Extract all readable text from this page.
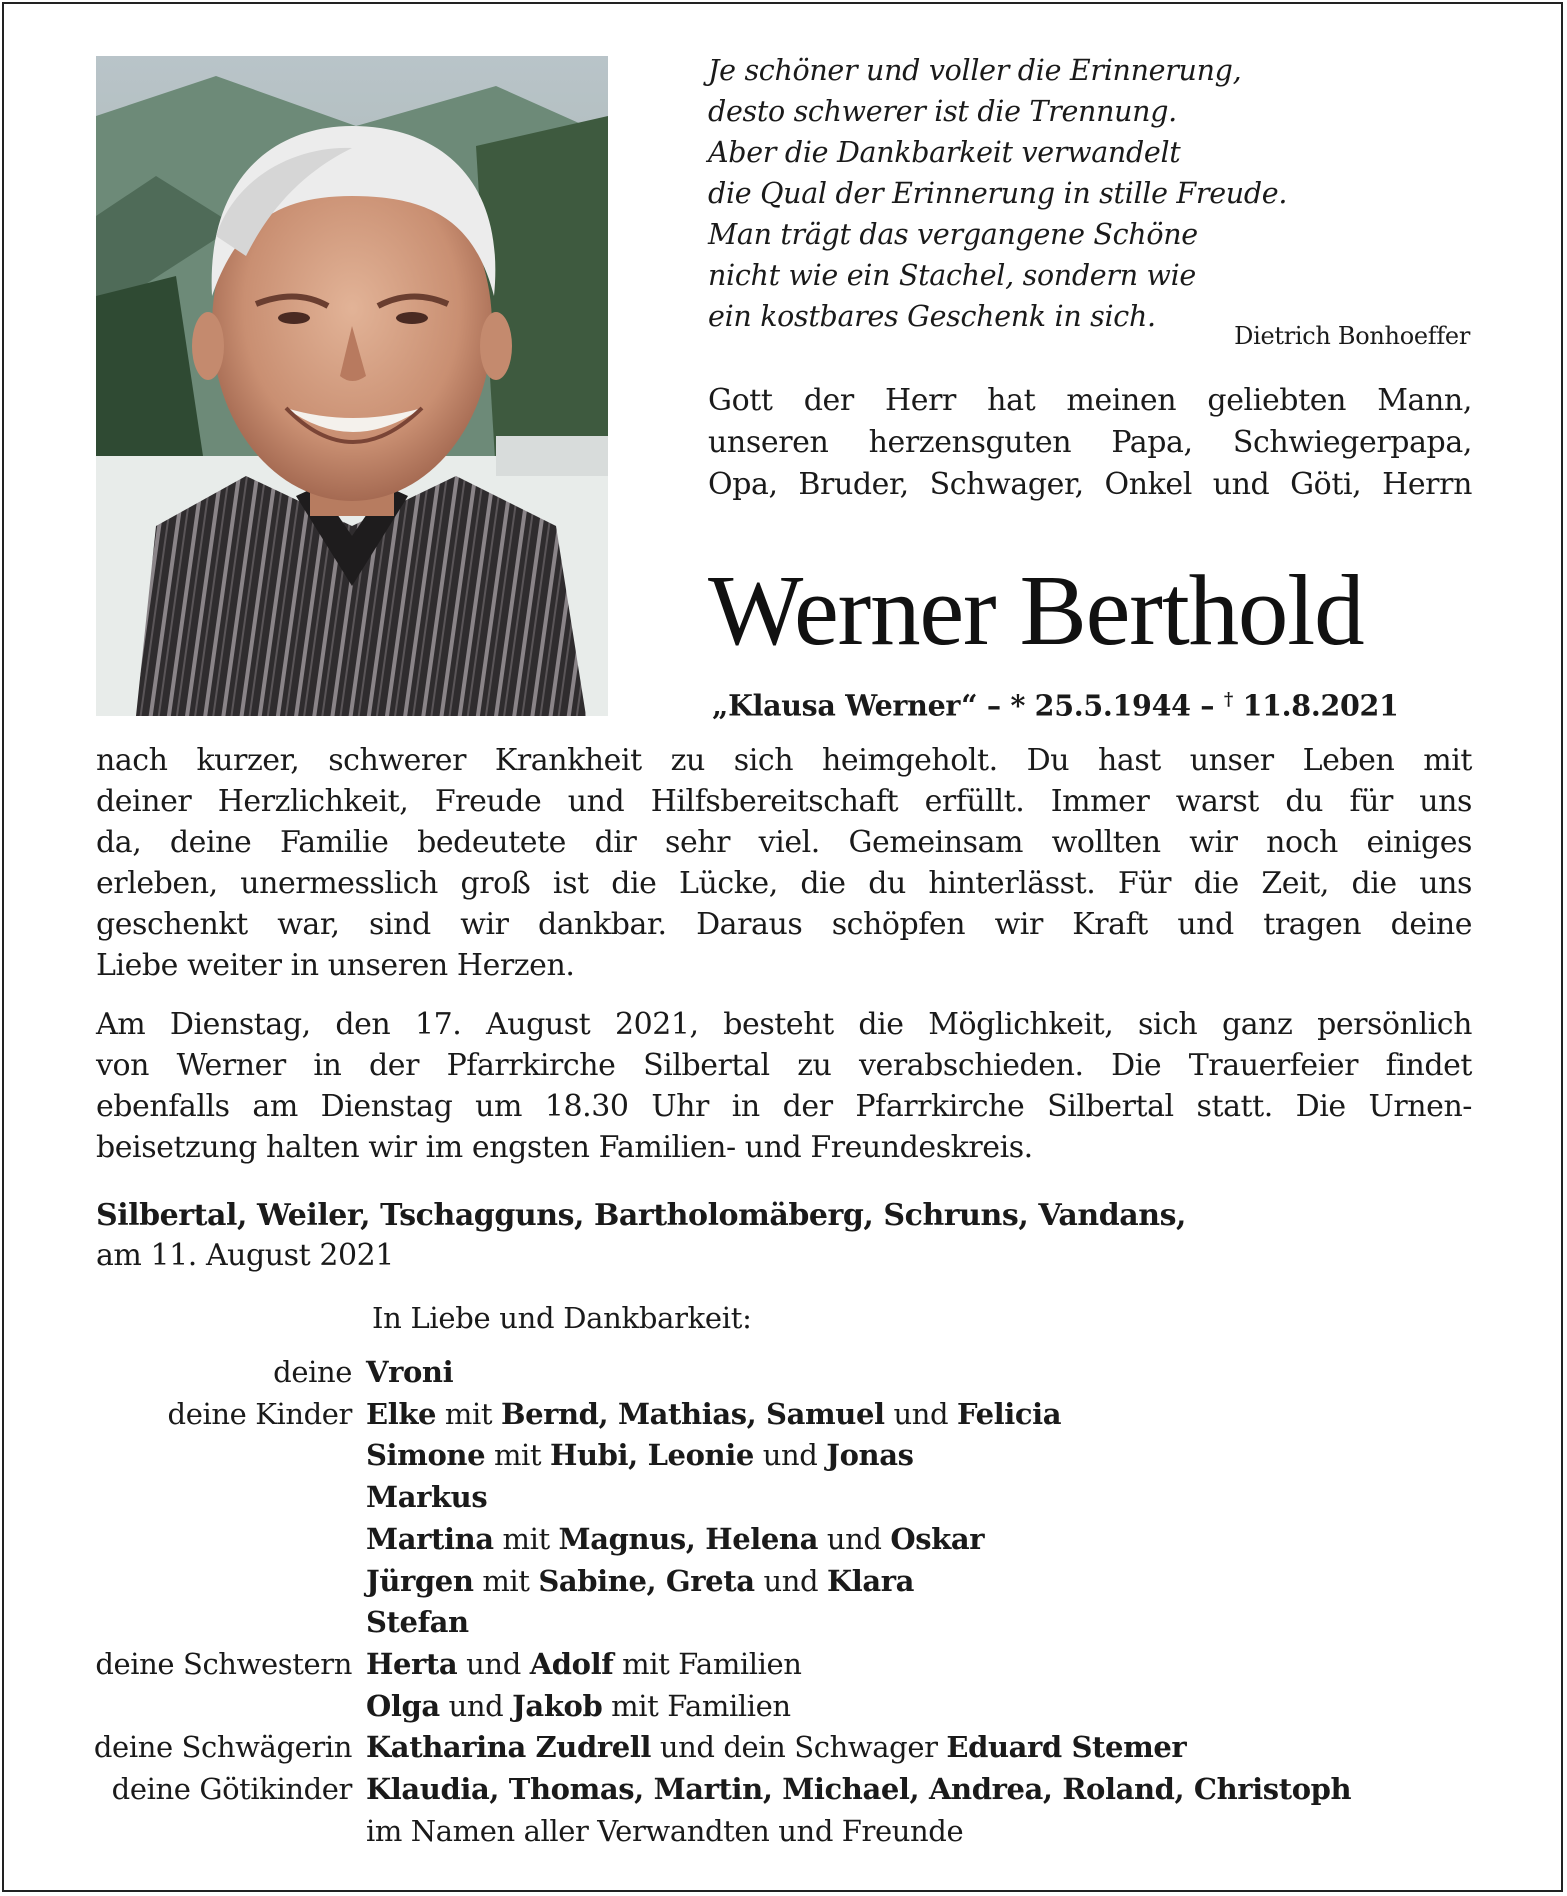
Je schöner und voller die Erinnerung,
desto schwerer ist die Trennung.
Aber die Dankbarkeit verwandelt
die Qual der Erinnerung in stille Freude.
Man trägt das vergangene Schöne
nicht wie ein Stachel, sondern wie
ein kostbares Geschenk in sich.
Dietrich Bonhoeffer
Gott der Herr hat meinen geliebten Mann,
unseren herzensguten Papa, Schwiegerpapa,
Opa, Bruder, Schwager, Onkel und Göti, Herrn
Werner Berthold
„Klausa Werner“ – * 25.5.1944 – † 11.8.2021
nach kurzer, schwerer Krankheit zu sich heimgeholt. Du hast unser Leben mit
deiner Herzlichkeit, Freude und Hilfsbereitschaft erfüllt. Immer warst du für uns
da, deine Familie bedeutete dir sehr viel. Gemeinsam wollten wir noch einiges
erleben, unermesslich groß ist die Lücke, die du hinterlässt. Für die Zeit, die uns
geschenkt war, sind wir dankbar. Daraus schöpfen wir Kraft und tragen deine
Liebe weiter in unseren Herzen.
Am Dienstag, den 17. August 2021, besteht die Möglichkeit, sich ganz persönlich
von Werner in der Pfarrkirche Silbertal zu verabschieden. Die Trauerfeier findet
ebenfalls am Dienstag um 18.30 Uhr in der Pfarrkirche Silbertal statt. Die Urnen-
beisetzung halten wir im engsten Familien- und Freundeskreis.
Silbertal, Weiler, Tschagguns, Bartholomäberg, Schruns, Vandans,
am 11. August 2021
In Liebe und Dankbarkeit:
deine Vroni
deine Kinder Elke mit Bernd, Mathias, Samuel und Felicia
Simone mit Hubi, Leonie und Jonas
Markus
Martina mit Magnus, Helena und Oskar
Jürgen mit Sabine, Greta und Klara
Stefan
deine Schwestern Herta und Adolf mit Familien
Olga und Jakob mit Familien
deine Schwägerin Katharina Zudrell und dein Schwager Eduard Stemer
deine Götikinder Klaudia, Thomas, Martin, Michael, Andrea, Roland, Christoph
im Namen aller Verwandten und Freunde
